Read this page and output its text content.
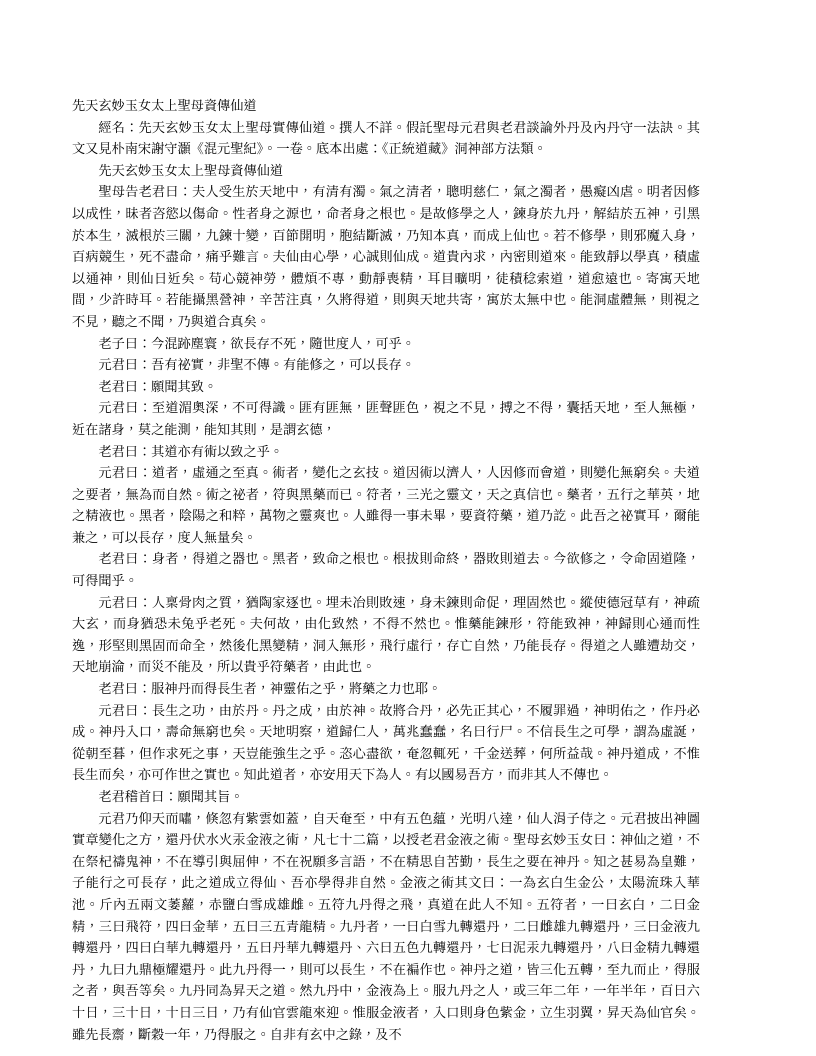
先天玄妙玉女太上聖母資傳仙道

經名：先天玄妙玉女太上聖母實傳仙道。撰人不詳。假託聖母元君與老君談論外丹及內丹守一法訣。其文又見朴南宋謝守灝《混元聖紀》。一卷。底本出處：《正統道藏》洞神部方法類。

先天玄妙玉女太上聖母資傳仙道

聖母告老君曰：夫人受生於天地中，有清有濁。氣之清者，聰明慈仁，氣之濁者，愚癡凶虐。明者因修以成性，昧者咨慾以傷命。性者身之源也，命者身之根也。是故修學之人，鍊身於九丹，解結於五神，引黑於本生，滅根於三關，九鍊十變，百節開明，胞結斷滅，乃知本真，而成上仙也。若不修學，則邪魔入身，百病競生，死不盡命，痛乎難言。夫仙由心學，心誠則仙成。道貴內求，內密則道來。能致靜以學真，積虛以通神，則仙日近矣。苟心競神勞，體煩不專，動靜喪精，耳目曠明，徒積稔索道，道愈遠也。寄寓天地間，少許時耳。若能攝黑營神，辛苦注真，久將得道，則與天地共寄，寓於太無中也。能洞虛體無，則視之不見，聽之不聞，乃與道合真矣。

老子曰：今混跡塵寰，欲長存不死，隨世度人，可乎。

元君曰：吾有祕實，非聖不傳。有能修之，可以長存。

老君曰：願聞其致。

元君曰：至道湄奧深，不可得識。匪有匪無，匪聲匪色，視之不見，搏之不得，囊括天地，至人無極，近在諸身，莫之能測，能知其則，是謂玄德，

老君曰：其道亦有術以致之乎。

元君曰：道者，虛通之至真。術者，變化之玄技。道因術以濟人，人因修而會道，則變化無窮矣。夫道之要者，無為而自然。術之祕者，符與黑藥而已。符者，三光之靈文，天之真信也。藥者，五行之華英，地之精液也。黑者，陰陽之和粹，萬物之靈爽也。人雖得一事未畢，要資符藥，道乃訖。此吾之祕實耳，爾能兼之，可以長存，度人無量矣。

老君曰：身者，得道之器也。黑者，致命之根也。根拔則命終，器敗則道去。今欲修之，令命固道隆，可得聞乎。

元君曰：人稟骨肉之質，猶陶家逐也。埋未冶則敗速，身未鍊則命促，理固然也。縱使德冠草有，神疏大玄，而身猶恐未兔乎老死。夫何故，由化致然，不得不然也。惟藥能鍊形，符能致神，神歸則心通而性逸，形堅則黑固而命全，然後化黑變精，洞入無形，飛行虛行，存亡自然，乃能長存。得道之人雖遭劫交，天地崩淪，而災不能及，所以貴乎符藥者，由此也。

老君曰：服神丹而得長生者，神靈佑之乎，將藥之力也耶。

元君曰：長生之功，由於丹。丹之成，由於神。故將合丹，必先正其心，不履罪過，神明佑之，作丹必成。神丹入口，壽命無窮也矣。天地明察，道歸仁人，萬兆蠢蠢，名曰行尸。不信長生之可學，謂為虛誕，從朝至暮，但作求死之事，天豈能強生之乎。恣心盡欲，奄忽輒死，千金送葬，何所益哉。神丹道成，不惟長生而矣，亦可作世之實也。知此道者，亦安用天下為人。有以國易吾方，而非其人不傳也。

老君稽首曰：願聞其旨。

元君乃仰天而嘯，倏忽有紫雲如蓋，自天奄至，中有五色蘊，光明八達，仙人涓子侍之。元君披出神圖實章變化之方，還丹伏水火汞金液之術，凡七十二篇，以授老君金液之術。聖母玄妙玉女曰：神仙之道，不在祭杞禱鬼神，不在導引與屈伸，不在祝願多言語，不在精思自苦勤，長生之要在神丹。知之甚易為皇難，子能行之可長存，此之道成立得仙、吾亦學得非自然。金液之術其文曰：一為玄白生金公，太陽流珠入華池。斤內五兩文萎蘿，赤鹽白雪成雄雌。五符九丹得之飛，真道在此人不知。五符者，一曰玄白，二曰金精，三曰飛符，四曰金華，五曰三五青龍精。九丹者，一曰白雪九轉還丹，二曰雌雄九轉還丹，三曰金液九轉還丹，四曰白華九轉還丹，五曰丹華九轉還丹、六曰五色九轉還丹，七曰泥汞九轉還丹，八曰金精九轉還丹，九曰九鼎極耀還丹。此九丹得一，則可以長生，不在褊作也。神丹之道，皆三化五轉，至九而止，得服之者，與吾等矣。九丹同為昇天之道。然九丹中，金液為上。服九丹之人，或三年二年，一年半年，百日六十日，三十日，十日三日，乃有仙官雲龍來迎。惟服金液者，入口則身色紫金，立生羽翼，昇天為仙官矣。雖先長齋，斷穀一年，乃得服之。自非有玄中之錄，及不
